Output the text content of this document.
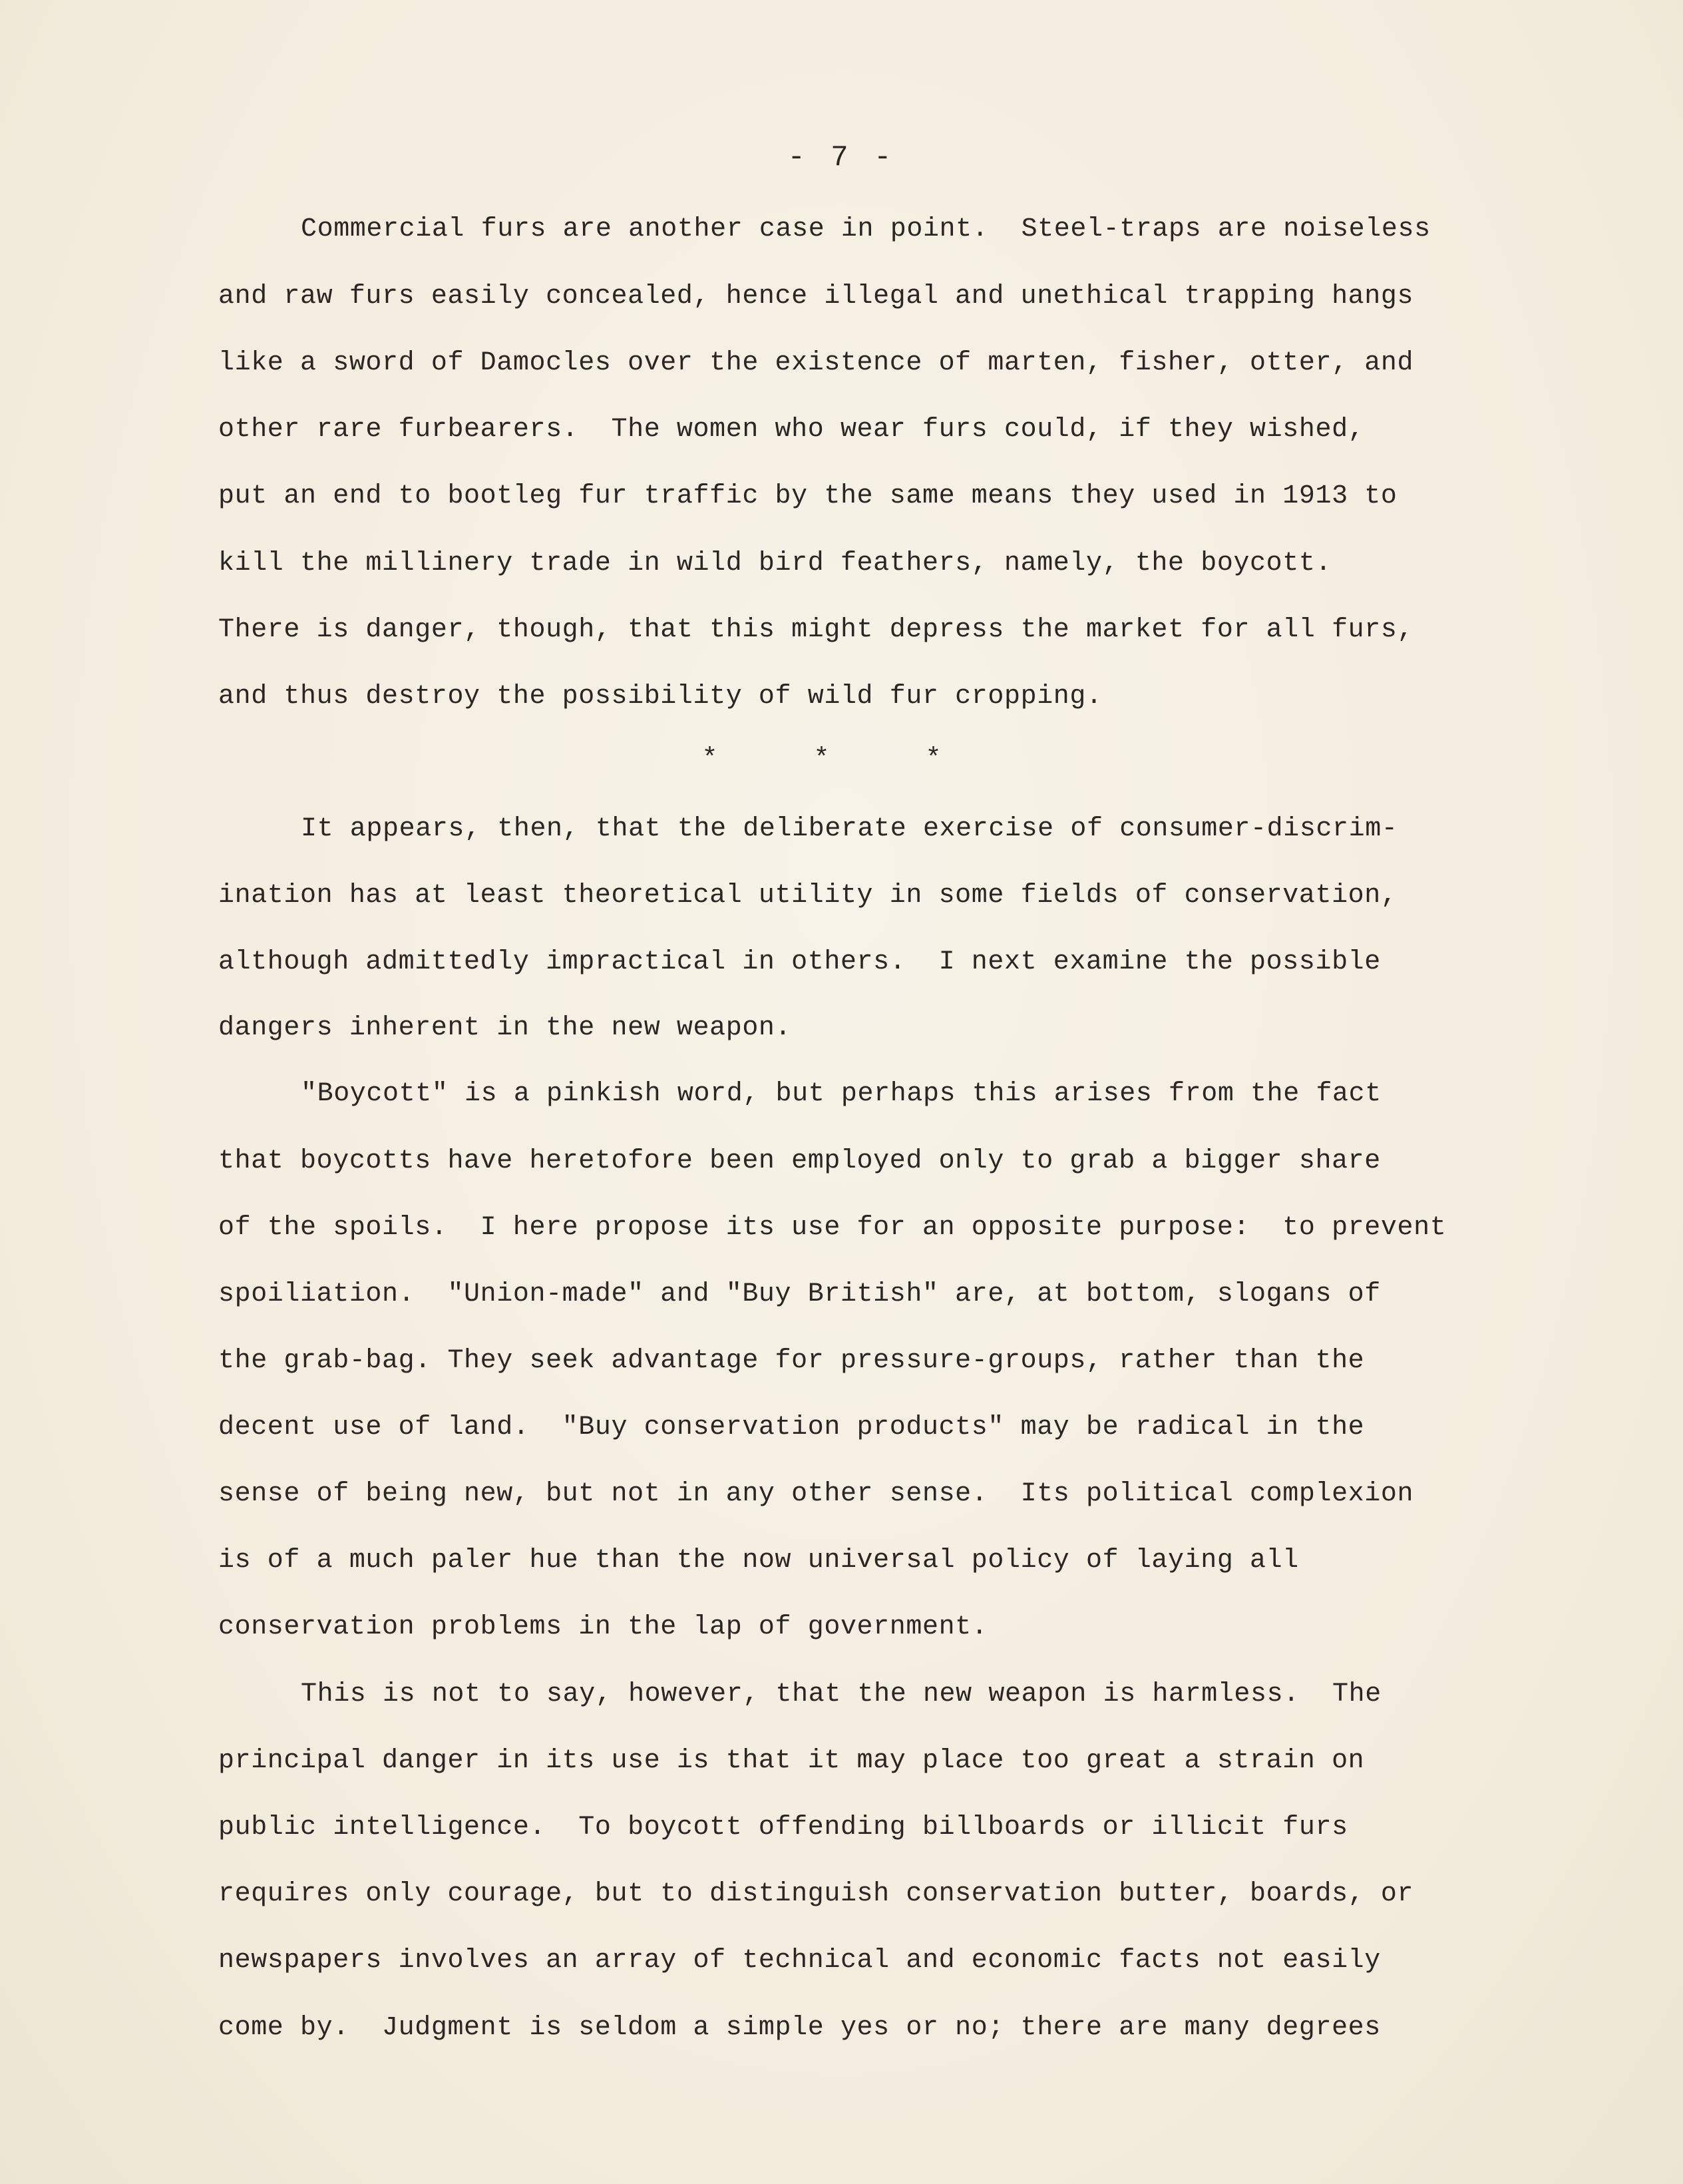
- 7 -
Commercial furs are another case in point.  Steel-traps are noiseless
and raw furs easily concealed, hence illegal and unethical trapping hangs
like a sword of Damocles over the existence of marten, fisher, otter, and
other rare furbearers.  The women who wear furs could, if they wished,
put an end to bootleg fur traffic by the same means they used in 1913 to
kill the millinery trade in wild bird feathers, namely, the boycott.
There is danger, though, that this might depress the market for all furs,
and thus destroy the possibility of wild fur cropping.
* * *
It appears, then, that the deliberate exercise of consumer-discrim-
ination has at least theoretical utility in some fields of conservation,
although admittedly impractical in others.  I next examine the possible
dangers inherent in the new weapon.
"Boycott" is a pinkish word, but perhaps this arises from the fact
that boycotts have heretofore been employed only to grab a bigger share
of the spoils.  I here propose its use for an opposite purpose:  to prevent
spoiliation.  "Union-made" and "Buy British" are, at bottom, slogans of
the grab-bag. They seek advantage for pressure-groups, rather than the
decent use of land.  "Buy conservation products" may be radical in the
sense of being new, but not in any other sense.  Its political complexion
is of a much paler hue than the now universal policy of laying all
conservation problems in the lap of government.
This is not to say, however, that the new weapon is harmless.  The
principal danger in its use is that it may place too great a strain on
public intelligence.  To boycott offending billboards or illicit furs
requires only courage, but to distinguish conservation butter, boards, or
newspapers involves an array of technical and economic facts not easily
come by.  Judgment is seldom a simple yes or no; there are many degrees
